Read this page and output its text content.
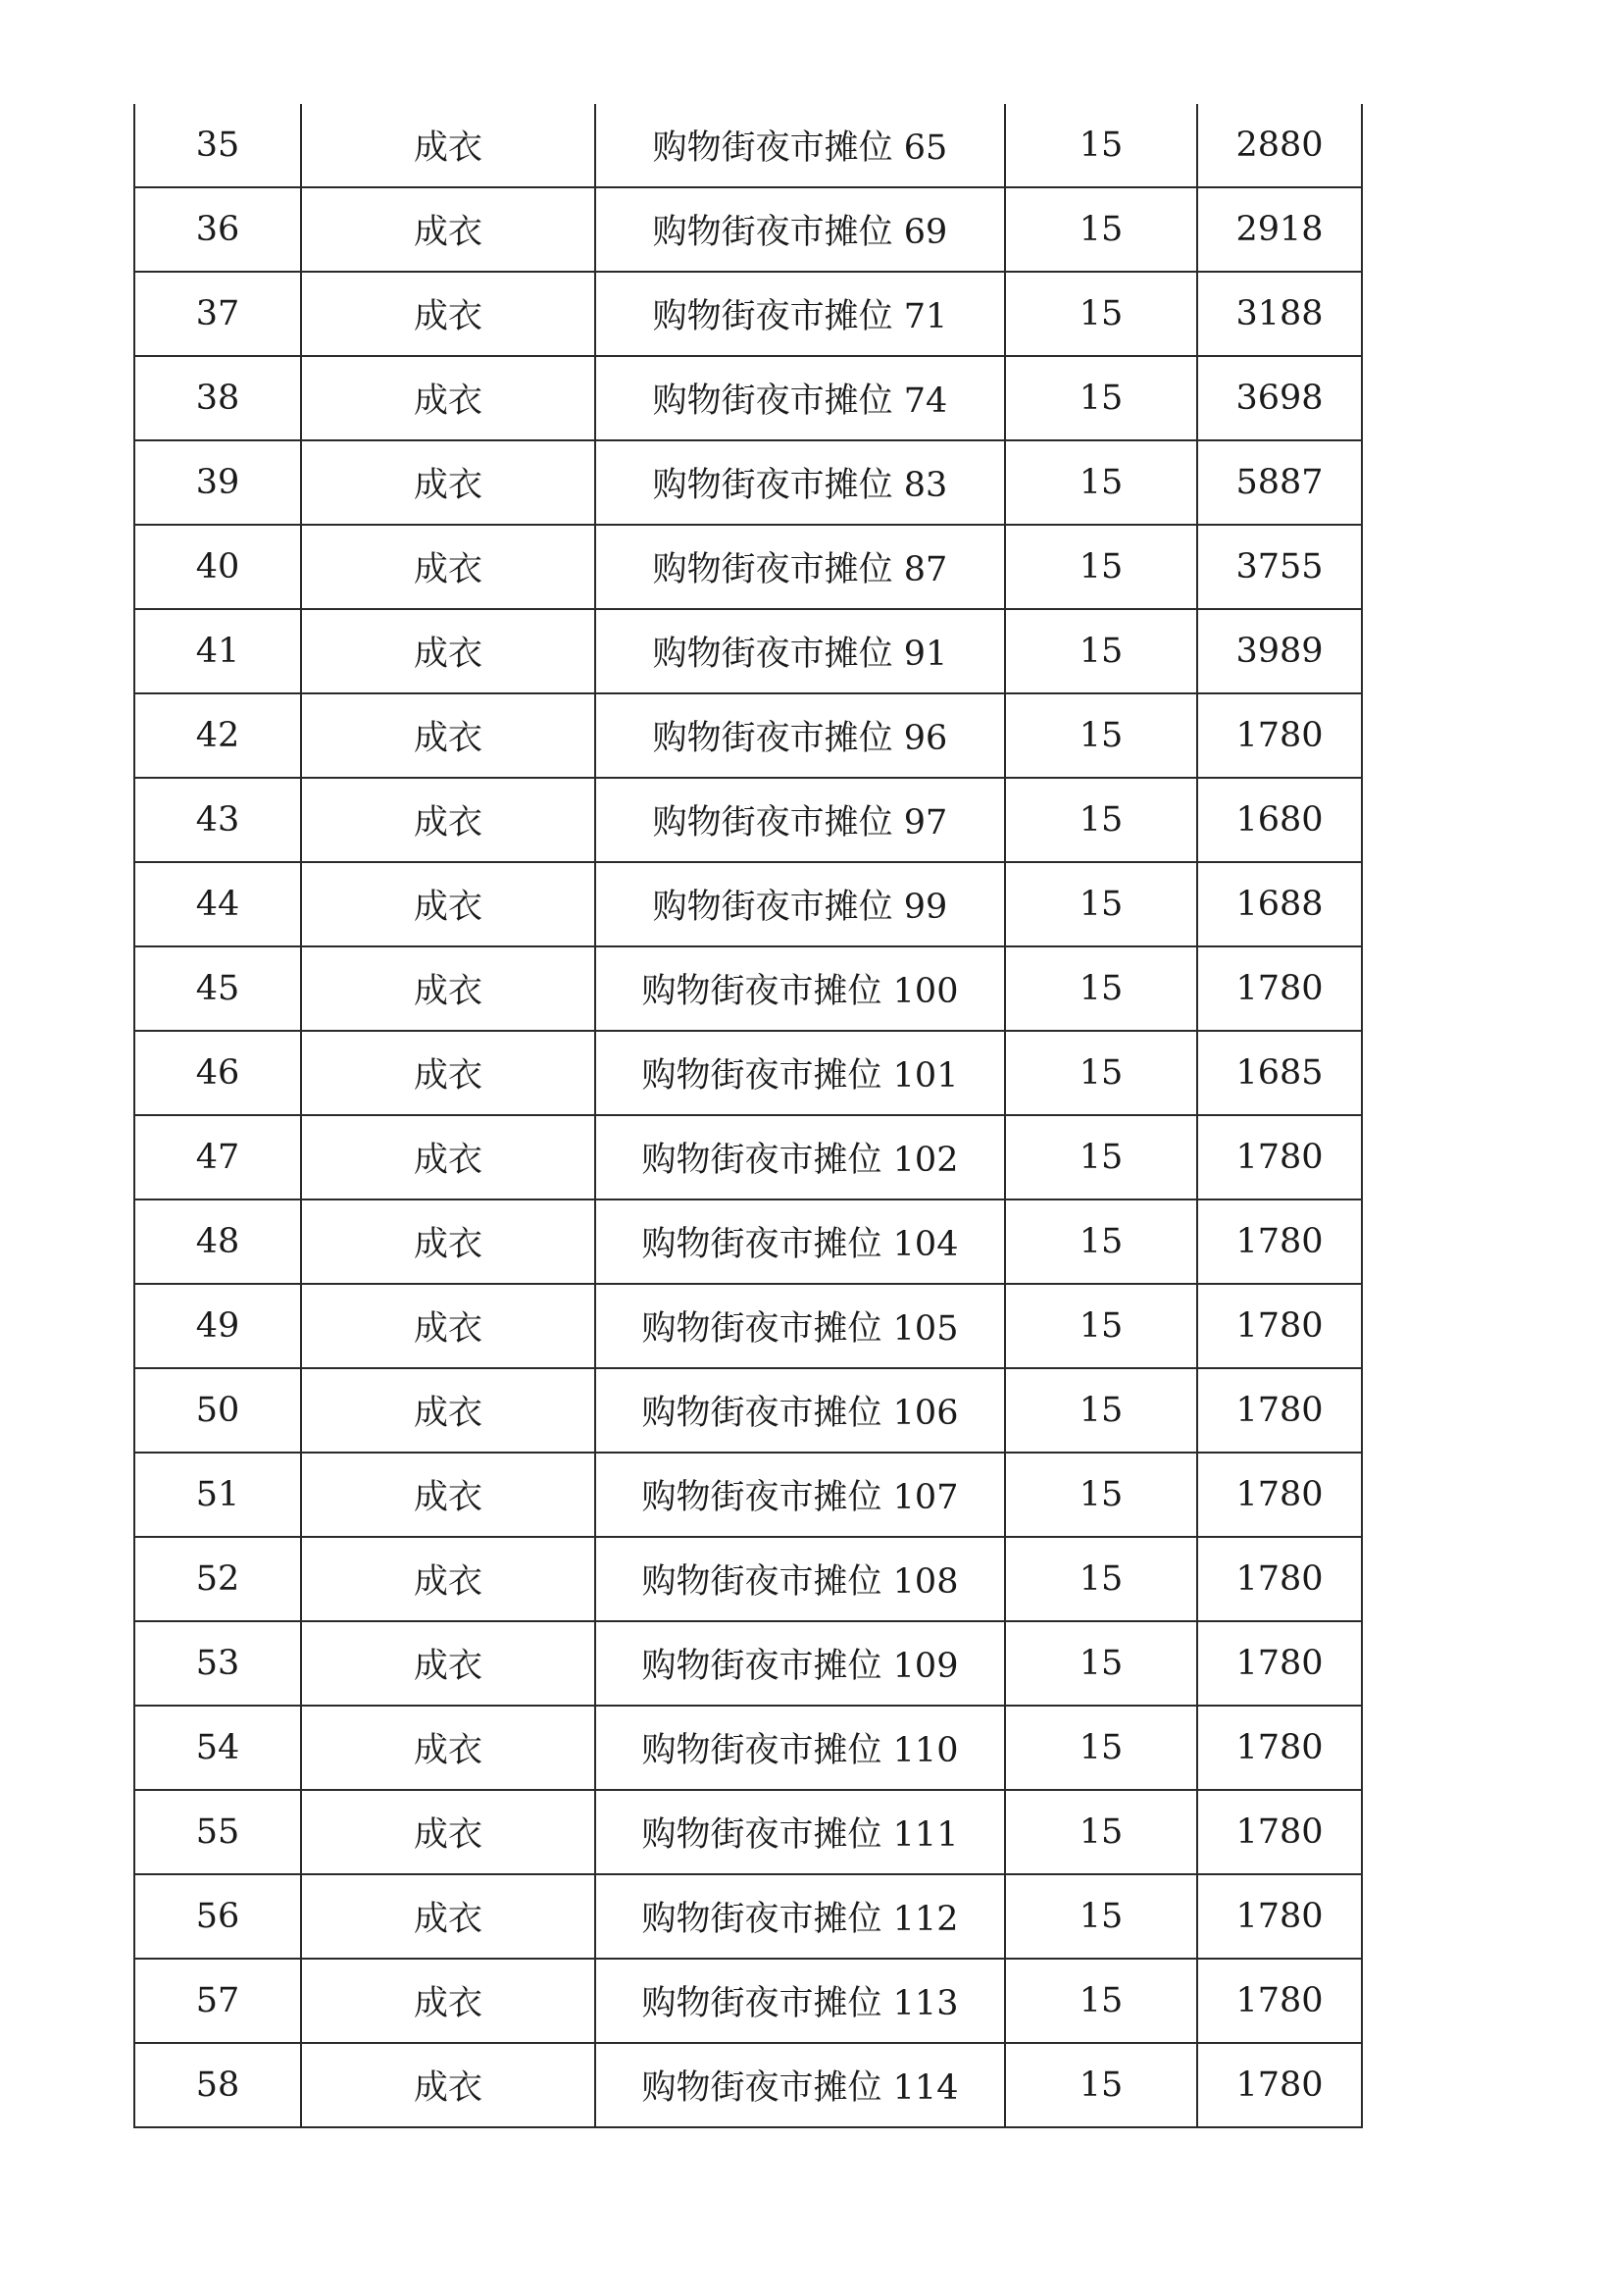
35	成衣	购物街夜市摊位 65	15	2880
36	成衣	购物街夜市摊位 69	15	2918
37	成衣	购物街夜市摊位 71	15	3188
38	成衣	购物街夜市摊位 74	15	3698
39	成衣	购物街夜市摊位 83	15	5887
40	成衣	购物街夜市摊位 87	15	3755
41	成衣	购物街夜市摊位 91	15	3989
42	成衣	购物街夜市摊位 96	15	1780
43	成衣	购物街夜市摊位 97	15	1680
44	成衣	购物街夜市摊位 99	15	1688
45	成衣	购物街夜市摊位 100	15	1780
46	成衣	购物街夜市摊位 101	15	1685
47	成衣	购物街夜市摊位 102	15	1780
48	成衣	购物街夜市摊位 104	15	1780
49	成衣	购物街夜市摊位 105	15	1780
50	成衣	购物街夜市摊位 106	15	1780
51	成衣	购物街夜市摊位 107	15	1780
52	成衣	购物街夜市摊位 108	15	1780
53	成衣	购物街夜市摊位 109	15	1780
54	成衣	购物街夜市摊位 110	15	1780
55	成衣	购物街夜市摊位 111	15	1780
56	成衣	购物街夜市摊位 112	15	1780
57	成衣	购物街夜市摊位 113	15	1780
58	成衣	购物街夜市摊位 114	15	1780
